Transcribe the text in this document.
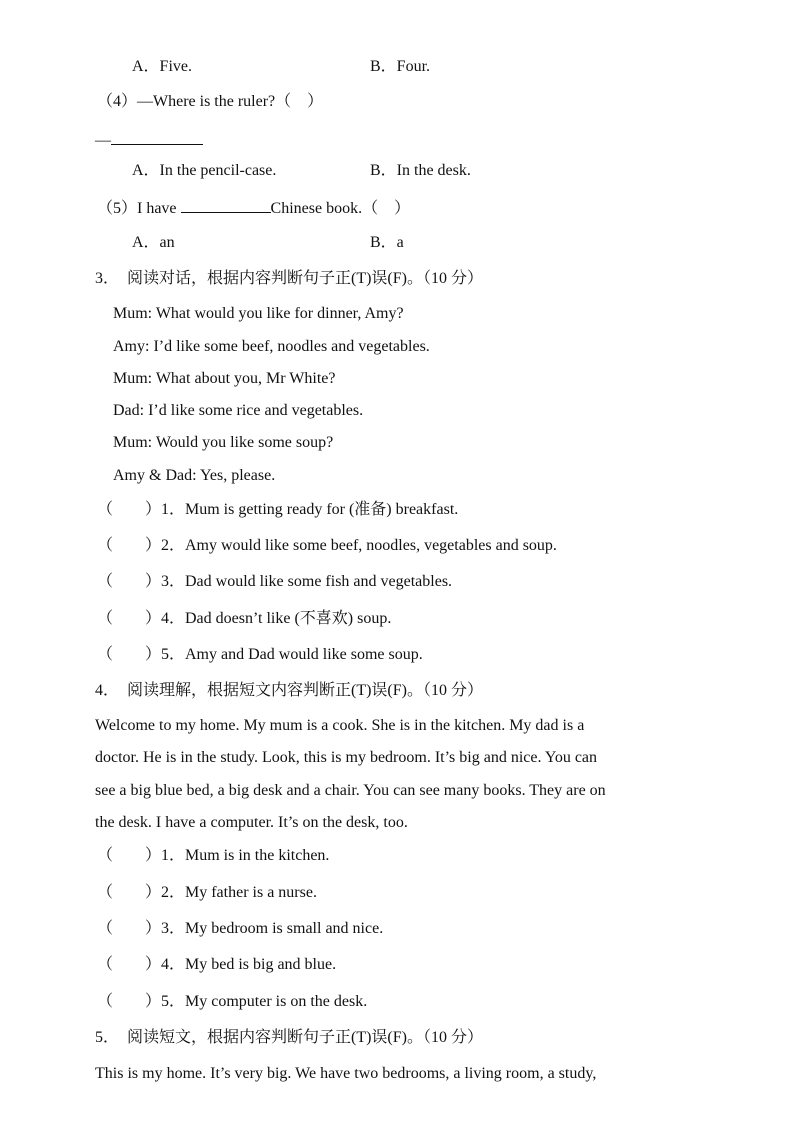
A．Five.	B．Four.
（4）—Where is the ruler?（　）
—
A．In the pencil-case.	B．In the desk.
（5）I have	Chinese book.（　）
A．an	B．a
3．　阅读对话，根据内容判断句子正(T)误(F)。（10 分）
Mum: What would you like for dinner, Amy?
Amy: I’d like some beef, noodles and vegetables.
Mum: What about you, Mr White?
Dad: I’d like some rice and vegetables.
Mum: Would you like some soup?
Amy & Dad: Yes, please.
（　　）1．Mum is getting ready for (准备) breakfast.
（　　）2．Amy would like some beef, noodles, vegetables and soup.
（　　）3．Dad would like some fish and vegetables.
（　　）4．Dad doesn’t like (不喜欢) soup.
（　　）5．Amy and Dad would like some soup.
4．　阅读理解，根据短文内容判断正(T)误(F)。（10 分）
Welcome to my home. My mum is a cook. She is in the kitchen. My dad is a
doctor. He is in the study. Look, this is my bedroom. It’s big and nice. You can
see a big blue bed, a big desk and a chair. You can see many books. They are on
the desk. I have a computer. It’s on the desk, too.
（　　）1．Mum is in the kitchen.
（　　）2．My father is a nurse.
（　　）3．My bedroom is small and nice.
（　　）4．My bed is big and blue.
（　　）5．My computer is on the desk.
5．　阅读短文，根据内容判断句子正(T)误(F)。（10 分）
This is my home. It’s very big. We have two bedrooms, a living room, a study,
